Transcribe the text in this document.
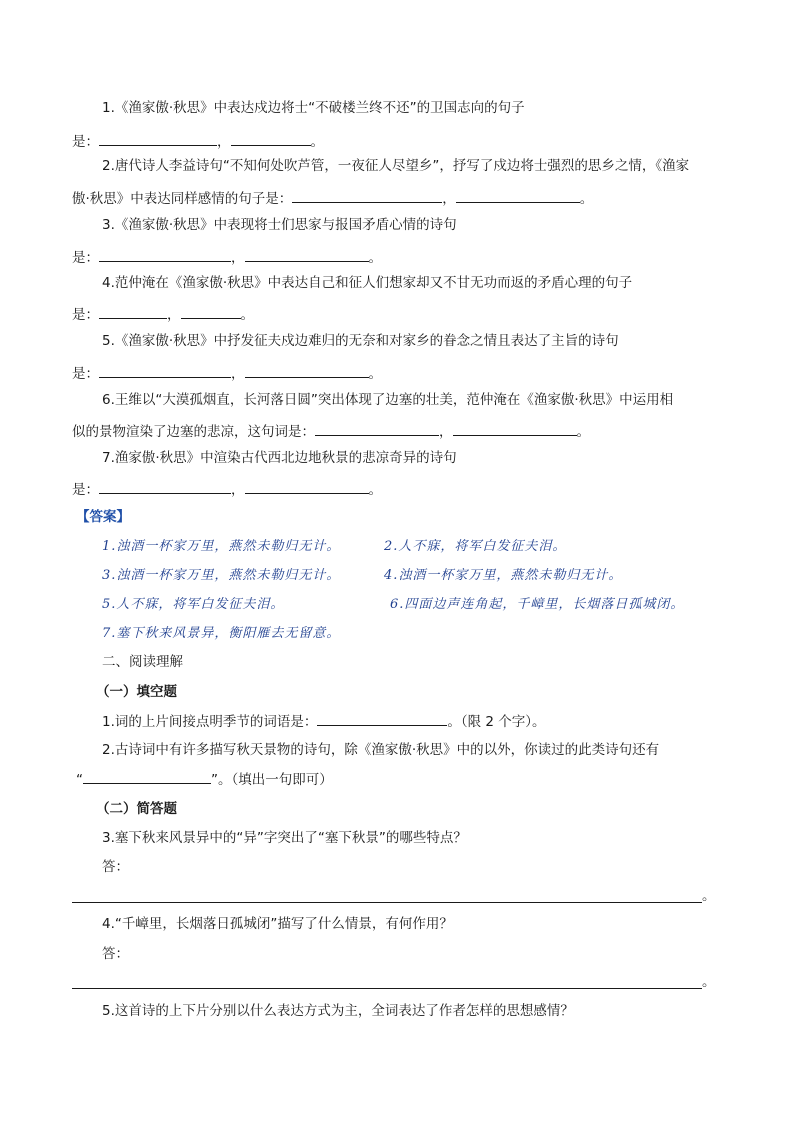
1.《渔家傲·秋思》中表达戍边将士“不破楼兰终不还”的卫国志向的句子
是：	，	。
2.唐代诗人李益诗句“不知何处吹芦管，一夜征人尽望乡”，抒写了戍边将士强烈的思乡之情，《渔家
傲·秋思》中表达同样感情的句子是：	，	。
3.《渔家傲·秋思》中表现将士们思家与报国矛盾心情的诗句
是：	，	。
4.范仲淹在《渔家傲·秋思》中表达自己和征人们想家却又不甘无功而返的矛盾心理的句子
是：	，	。
5.《渔家傲·秋思》中抒发征夫戍边难归的无奈和对家乡的眷念之情且表达了主旨的诗句
是：	，	。
6.王维以“大漠孤烟直，长河落日圆”突出体现了边塞的壮美，范仲淹在《渔家傲·秋思》中运用相
似的景物渲染了边塞的悲凉，这句词是：	，	。
7.渔家傲·秋思》中渲染古代西北边地秋景的悲凉奇异的诗句
是：	，	。
【答案】
1.浊酒一杯家万里，燕然未勒归无计。	2.人不寐，将军白发征夫泪。
3.浊酒一杯家万里，燕然未勒归无计。	4.浊酒一杯家万里，燕然未勒归无计。
5.人不寐，将军白发征夫泪。	6.四面边声连角起，千嶂里，长烟落日孤城闭。
7.塞下秋来风景异，衡阳雁去无留意。
二、阅读理解
（一）填空题
1.词的上片间接点明季节的词语是：	。（限 2 个字）。
2.古诗词中有许多描写秋天景物的诗句，除《渔家傲·秋思》中的以外，你读过的此类诗句还有
“	”。（填出一句即可）
（二）简答题
3.塞下秋来风景异中的“异”字突出了“塞下秋景”的哪些特点？
答：
。
4.“千嶂里，长烟落日孤城闭”描写了什么情景，有何作用？
答：
。
5.这首诗的上下片分别以什么表达方式为主，全词表达了作者怎样的思想感情？
